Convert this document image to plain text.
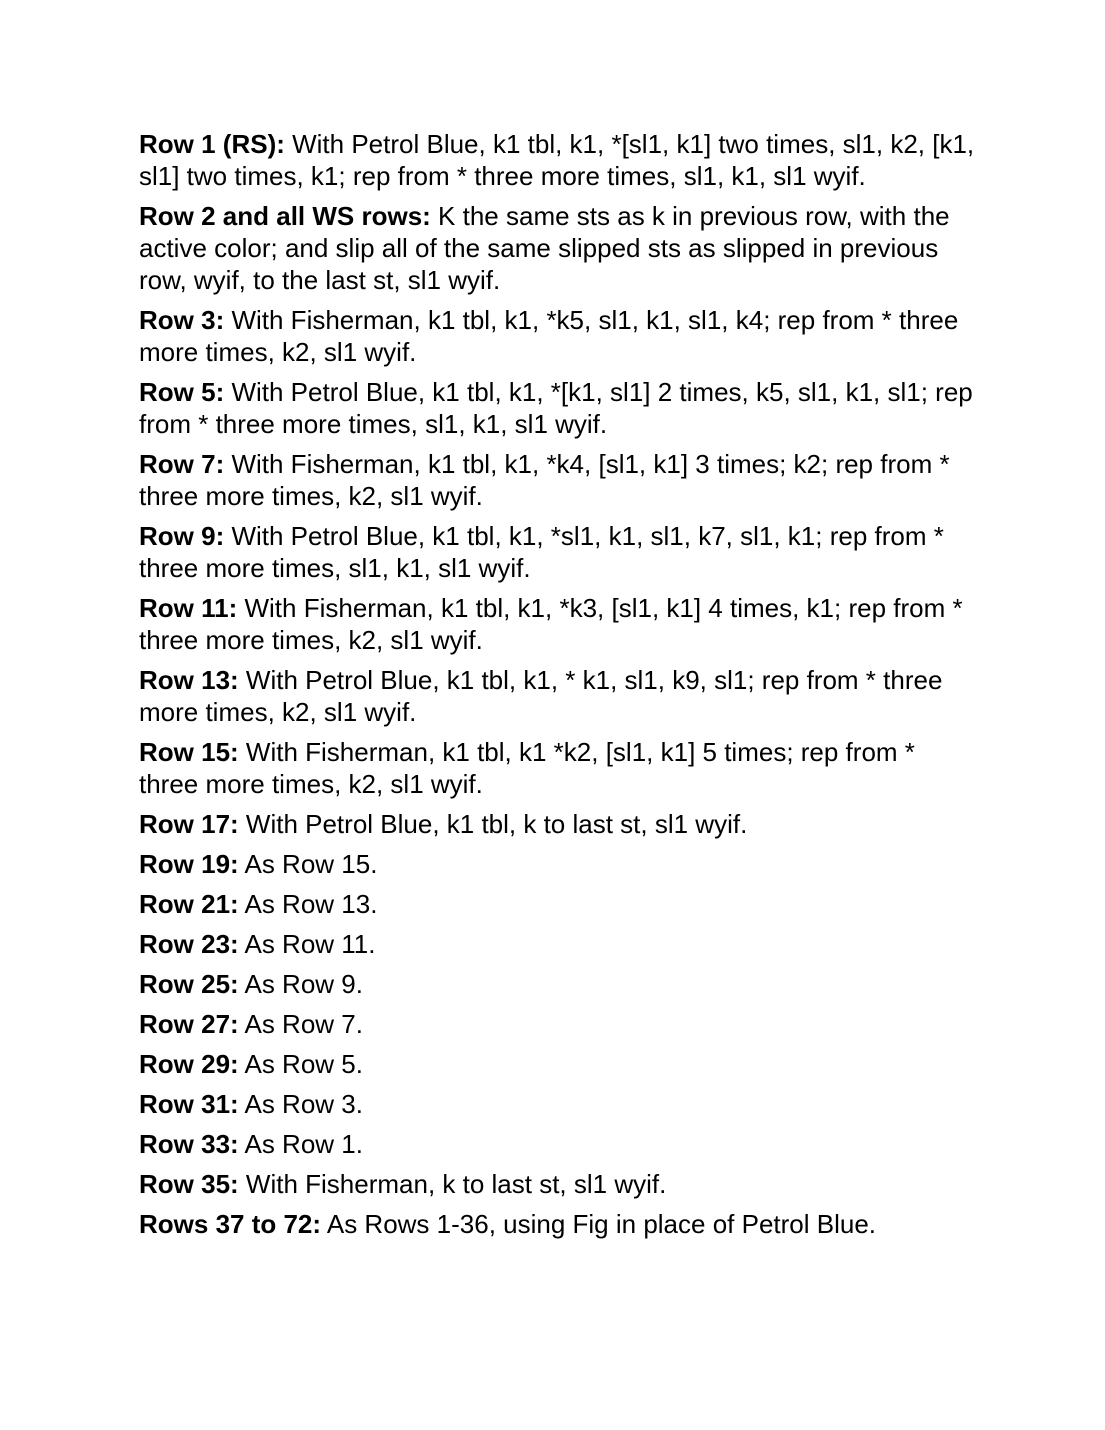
Row 1 (RS): With Petrol Blue, k1 tbl, k1, *[sl1, k1] two times, sl1, k2, [k1, sl1] two times, k1; rep from * three more times, sl1, k1, sl1 wyif.

Row 2 and all WS rows: K the same sts as k in previous row, with the active color; and slip all of the same slipped sts as slipped in previous row, wyif, to the last st, sl1 wyif.

Row 3: With Fisherman, k1 tbl, k1, *k5, sl1, k1, sl1, k4; rep from * three more times, k2, sl1 wyif.

Row 5: With Petrol Blue, k1 tbl, k1, *[k1, sl1] 2 times, k5, sl1, k1, sl1; rep from * three more times, sl1, k1, sl1 wyif.

Row 7: With Fisherman, k1 tbl, k1, *k4, [sl1, k1] 3 times; k2; rep from * three more times, k2, sl1 wyif.

Row 9: With Petrol Blue, k1 tbl, k1, *sl1, k1, sl1, k7, sl1, k1; rep from * three more times, sl1, k1, sl1 wyif.

Row 11: With Fisherman, k1 tbl, k1, *k3, [sl1, k1] 4 times, k1; rep from * three more times, k2, sl1 wyif.

Row 13: With Petrol Blue, k1 tbl, k1, * k1, sl1, k9, sl1; rep from * three more times, k2, sl1 wyif.

Row 15: With Fisherman, k1 tbl, k1 *k2, [sl1, k1] 5 times; rep from * three more times, k2, sl1 wyif.

Row 17: With Petrol Blue, k1 tbl, k to last st, sl1 wyif.

Row 19: As Row 15.

Row 21: As Row 13.

Row 23: As Row 11.

Row 25: As Row 9.

Row 27: As Row 7.

Row 29: As Row 5.

Row 31: As Row 3.

Row 33: As Row 1.

Row 35: With Fisherman, k to last st, sl1 wyif.

Rows 37 to 72: As Rows 1-36, using Fig in place of Petrol Blue.
